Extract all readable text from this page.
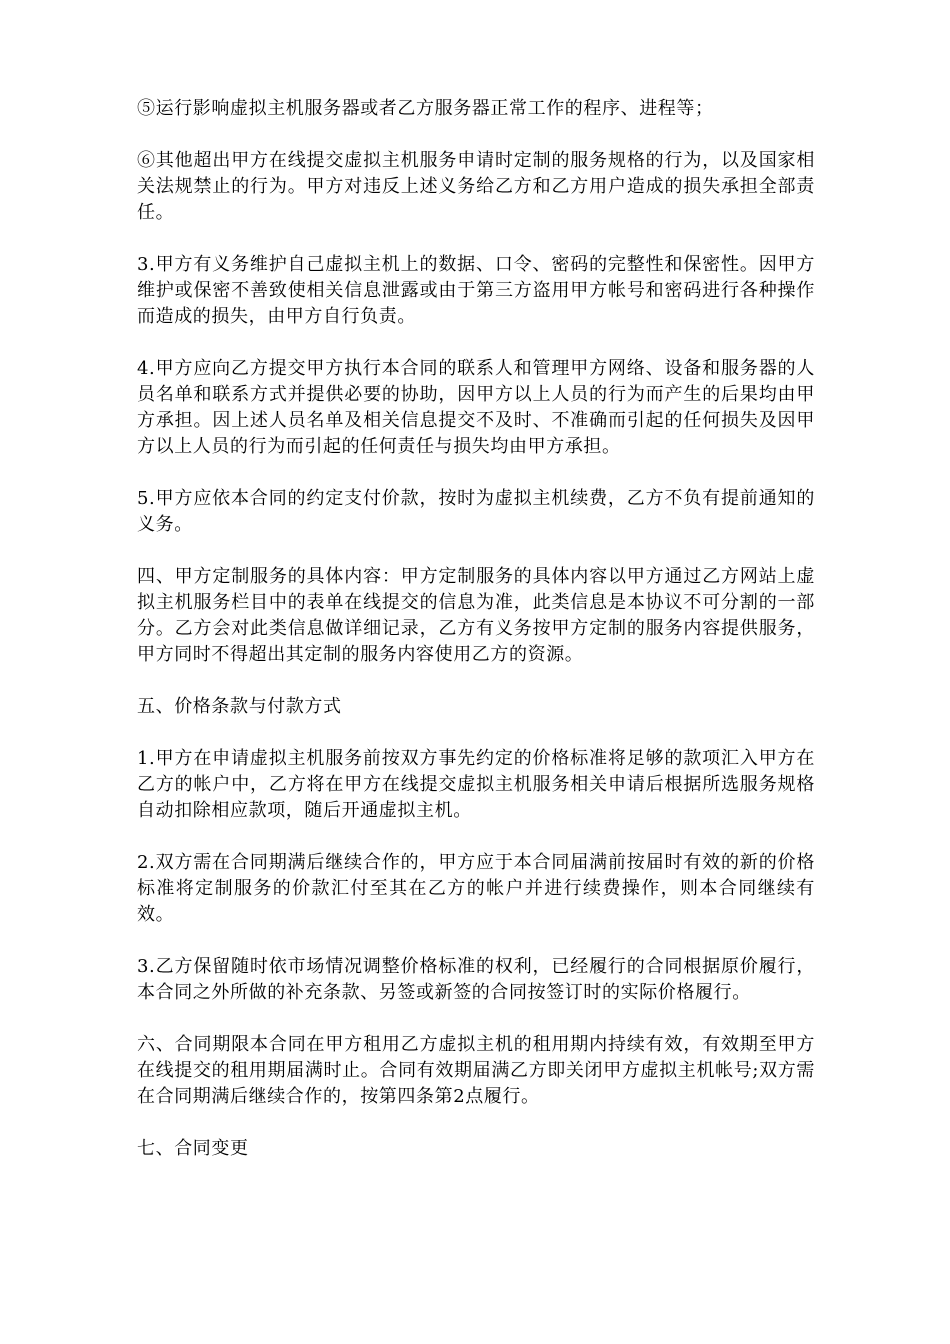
⑤运行影响虚拟主机服务器或者乙方服务器正常工作的程序、进程等；

⑥其他超出甲方在线提交虚拟主机服务申请时定制的服务规格的行为，以及国家相关法规禁止的行为。甲方对违反上述义务给乙方和乙方用户造成的损失承担全部责任。

3.甲方有义务维护自己虚拟主机上的数据、口令、密码的完整性和保密性。因甲方维护或保密不善致使相关信息泄露或由于第三方盗用甲方帐号和密码进行各种操作而造成的损失，由甲方自行负责。

4.甲方应向乙方提交甲方执行本合同的联系人和管理甲方网络、设备和服务器的人员名单和联系方式并提供必要的协助，因甲方以上人员的行为而产生的后果均由甲方承担。因上述人员名单及相关信息提交不及时、不准确而引起的任何损失及因甲方以上人员的行为而引起的任何责任与损失均由甲方承担。

5.甲方应依本合同的约定支付价款，按时为虚拟主机续费，乙方不负有提前通知的义务。

四、甲方定制服务的具体内容：甲方定制服务的具体内容以甲方通过乙方网站上虚拟主机服务栏目中的表单在线提交的信息为准，此类信息是本协议不可分割的一部分。乙方会对此类信息做详细记录，乙方有义务按甲方定制的服务内容提供服务，甲方同时不得超出其定制的服务内容使用乙方的资源。

五、价格条款与付款方式

1.甲方在申请虚拟主机服务前按双方事先约定的价格标准将足够的款项汇入甲方在乙方的帐户中，乙方将在甲方在线提交虚拟主机服务相关申请后根据所选服务规格自动扣除相应款项，随后开通虚拟主机。

2.双方需在合同期满后继续合作的，甲方应于本合同届满前按届时有效的新的价格标准将定制服务的价款汇付至其在乙方的帐户并进行续费操作，则本合同继续有效。

3.乙方保留随时依市场情况调整价格标准的权利，已经履行的合同根据原价履行，本合同之外所做的补充条款、另签或新签的合同按签订时的实际价格履行。

六、合同期限本合同在甲方租用乙方虚拟主机的租用期内持续有效，有效期至甲方在线提交的租用期届满时止。合同有效期届满乙方即关闭甲方虚拟主机帐号;双方需在合同期满后继续合作的，按第四条第2点履行。

七、合同变更
